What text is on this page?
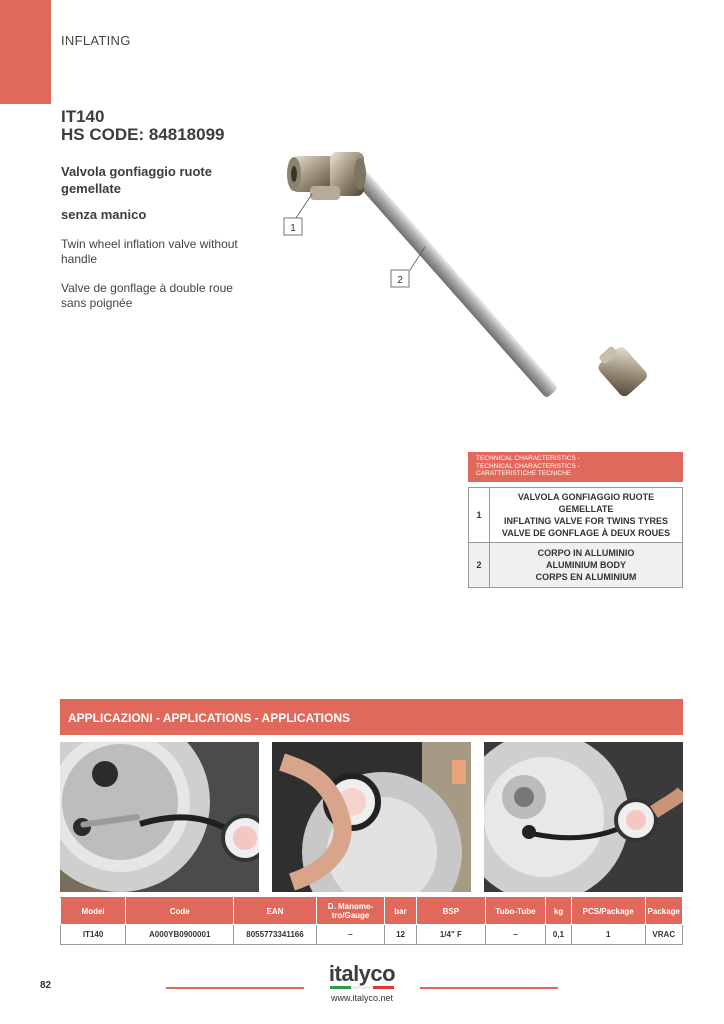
INFLATING
IT140
HS CODE: 84818099
Valvola gonfiaggio ruote gemellate
senza manico
Twin wheel inflation valve without handle
Valve de gonflage à double roue sans poignée
1
2
TECHNICAL CHARACTERISTICS -
TECHNICAL CHARACTERISTICS -
CARATTERISTICHE TECNICHE
1	VALVOLA GONFIAGGIO RUOTE
GEMELLATE
INFLATING VALVE FOR TWINS TYRES
VALVE DE GONFLAGE À DEUX ROUES

2	CORPO IN ALLUMINIO
ALUMINIUM BODY
CORPS EN ALUMINIUM
APPLICAZIONI - APPLICATIONS - APPLICATIONS
Model	Code	EAN	D. Manome-tro/Gauge	bar	BSP	Tubo-Tube	kg	PCS/Package	Package
IT140	A000YB0900001	8055773341166	–	12	1/4" F	–	0,1	1	VRAC
82	italyco
www.italyco.net
